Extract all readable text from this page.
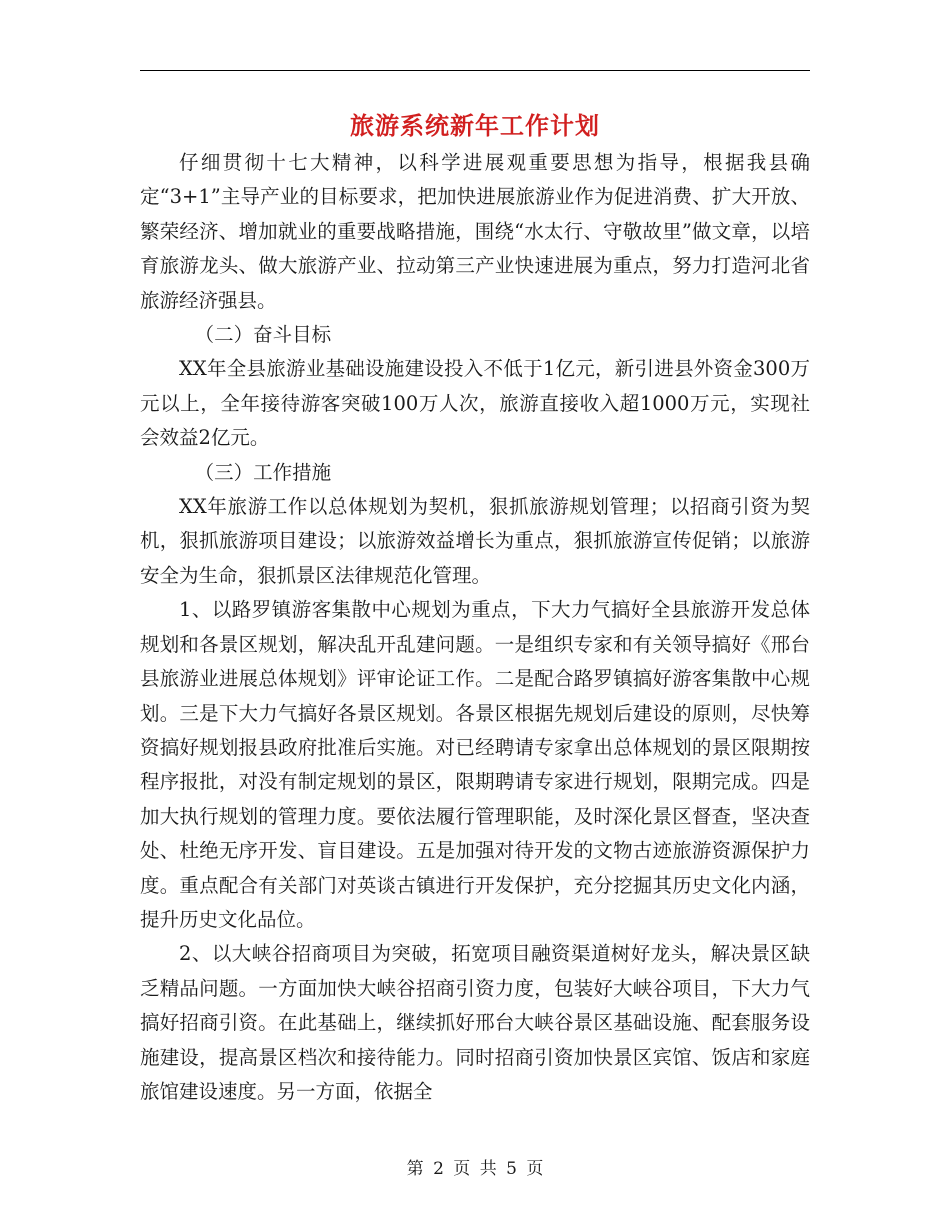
旅游系统新年工作计划

仔细贯彻十七大精神，以科学进展观重要思想为指导，根据我县确定“3+1”主导产业的目标要求，把加快进展旅游业作为促进消费、扩大开放、繁荣经济、增加就业的重要战略措施，围绕“水太行、守敬故里”做文章，以培育旅游龙头、做大旅游产业、拉动第三产业快速进展为重点，努力打造河北省旅游经济强县。

（二）奋斗目标

XX年全县旅游业基础设施建设投入不低于1亿元，新引进县外资金300万元以上，全年接待游客突破100万人次，旅游直接收入超1000万元，实现社会效益2亿元。

（三）工作措施

XX年旅游工作以总体规划为契机，狠抓旅游规划管理；以招商引资为契机，狠抓旅游项目建设；以旅游效益增长为重点，狠抓旅游宣传促销；以旅游安全为生命，狠抓景区法律规范化管理。

1、以路罗镇游客集散中心规划为重点，下大力气搞好全县旅游开发总体规划和各景区规划，解决乱开乱建问题。一是组织专家和有关领导搞好《邢台县旅游业进展总体规划》评审论证工作。二是配合路罗镇搞好游客集散中心规划。三是下大力气搞好各景区规划。各景区根据先规划后建设的原则，尽快筹资搞好规划报县政府批准后实施。对已经聘请专家拿出总体规划的景区限期按程序报批，对没有制定规划的景区，限期聘请专家进行规划，限期完成。四是加大执行规划的管理力度。要依法履行管理职能，及时深化景区督查，坚决查处、杜绝无序开发、盲目建设。五是加强对待开发的文物古迹旅游资源保护力度。重点配合有关部门对英谈古镇进行开发保护，充分挖掘其历史文化内涵，提升历史文化品位。

2、以大峡谷招商项目为突破，拓宽项目融资渠道树好龙头，解决景区缺乏精品问题。一方面加快大峡谷招商引资力度，包装好大峡谷项目，下大力气搞好招商引资。在此基础上，继续抓好邢台大峡谷景区基础设施、配套服务设施建设，提高景区档次和接待能力。同时招商引资加快景区宾馆、饭店和家庭旅馆建设速度。另一方面，依据全

第 2 页 共 5 页
